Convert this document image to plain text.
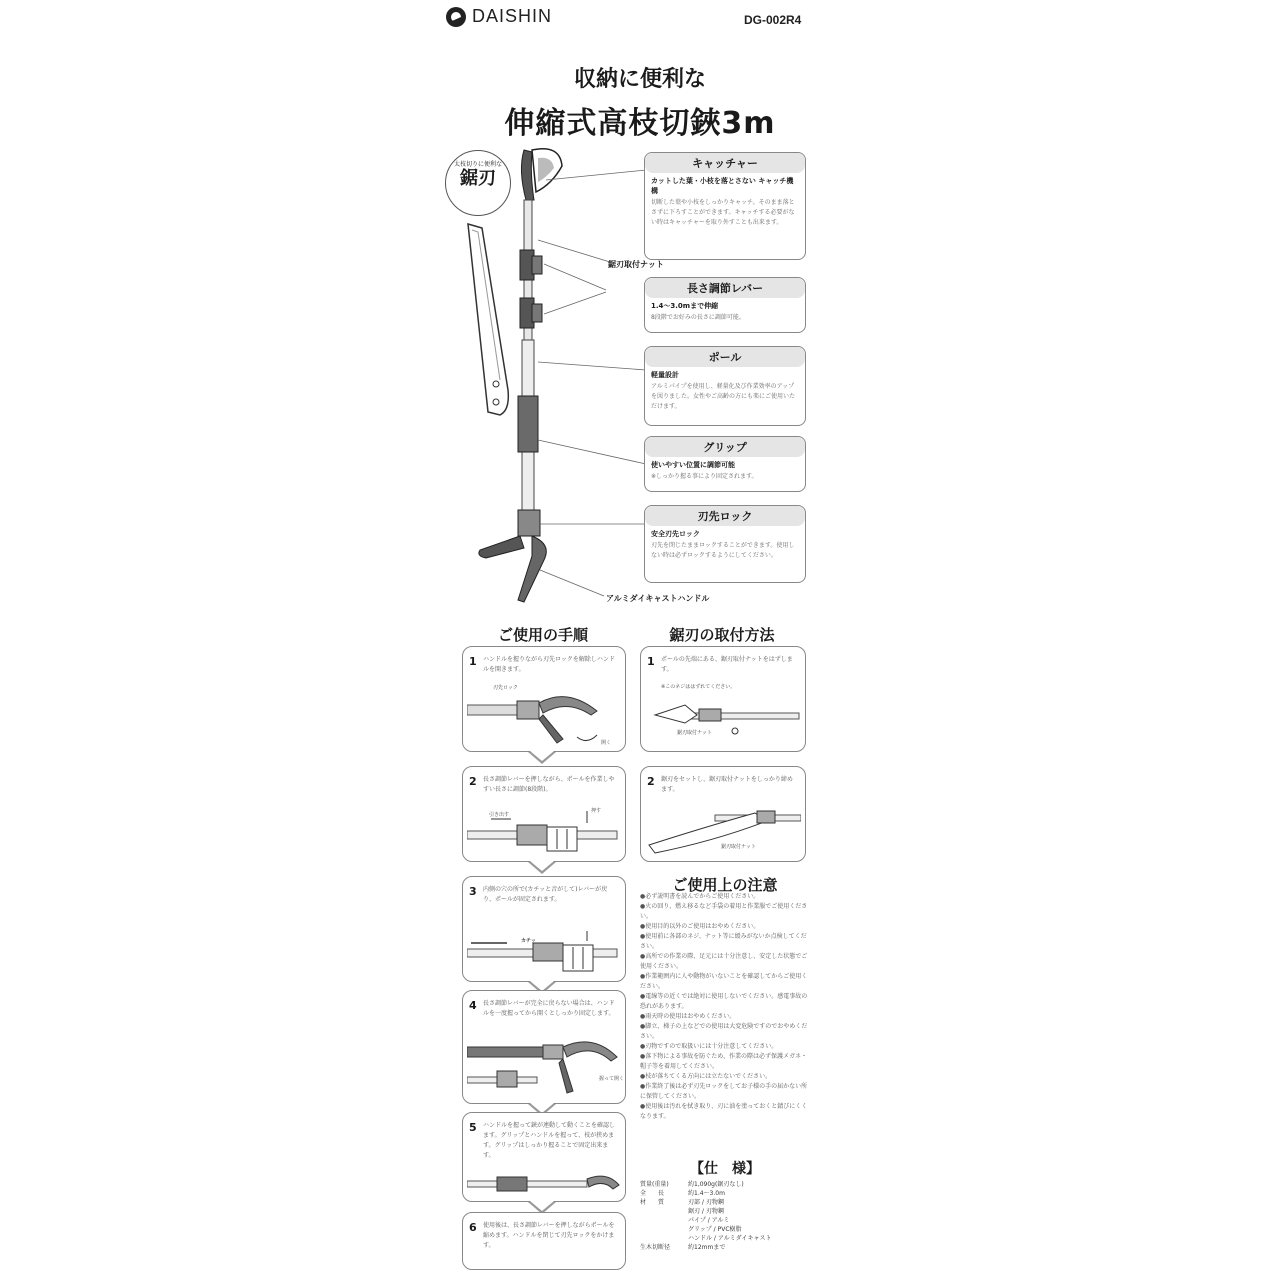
DAISHIN	DG-002R4
収納に便利な
伸縮式高枝切鋏3m
太枝切りに便利な
鋸刃
キャッチャー
カットした葉・小枝を落とさない キャッチ機構
切断した葉や小枝をしっかりキャッチ。そのまま落とさずに下ろすことができます。キャッチする必要がない時はキャッチャーを取り外すことも出来ます。
鋸刃取付ナット
長さ調節レバー
1.4〜3.0mまで伸縮
8段階でお好みの長さに調節可能。
ポール
軽量設計
アルミパイプを使用し、軽量化及び作業効率のアップを図りました。女性やご高齢の方にも楽にご使用いただけます。
グリップ
使いやすい位置に調節可能
※しっかり握る事により固定されます。
刃先ロック
安全刃先ロック
刃先を閉じたままロックすることができます。使用しない時は必ずロックするようにしてください。
アルミダイキャストハンドル
ご使用の手順	鋸刃の取付方法
1 ハンドルを握りながら刃先ロックを解除しハンドルを開きます。
刃先ロック
開く
2 長さ調節レバーを押しながら、ポールを作業しやすい長さに調節(8段階)。
引き出す
押す
3 内側の穴の所で(カチッと音がして)レバーが戻り、ポールが固定されます。
カチッ
4 長さ調節レバーが完全に戻らない場合は、ハンドルを一度握ってから開くとしっかり固定します。
握って開く
5 ハンドルを握って鋏が連動して動くことを確認します。グリップとハンドルを握って、枝が挟めます。グリップはしっかり握ることで固定出来ます。
6 使用後は、長さ調節レバーを押しながらポールを縮めます。ハンドルを閉じて刃先ロックをかけます。
1 ポールの先端にある、鋸刃取付ナットをはずします。
※このネジははずれてください。
鋸刃取付ナット
2 鋸刃をセットし、鋸刃取付ナットをしっかり締めます。
鋸刃取付ナット
ご使用上の注意

●必ず説明書を読んでからご使用ください。

●火の回り、燃え移るなど手袋の着用と作業服でご使用ください。

●使用目的以外のご使用はおやめください。

●使用前に各部のネジ、ナット等に緩みがないか点検してください。

●高所での作業の際、足元には十分注意し、安定した状態でご使用ください。

●作業範囲内に人や動物がいないことを確認してからご使用ください。

●電線等の近くでは絶対に使用しないでください。感電事故の恐れがあります。

●雨天時の使用はおやめください。

●脚立、梯子の上などでの使用は大変危険ですのでおやめください。

●刃物ですので取扱いには十分注意してください。

●落下物による事故を防ぐため、作業の際は必ず保護メガネ・帽子等を着用してください。

●枝が落ちてくる方向には立たないでください。

●作業終了後は必ず刃先ロックをしてお子様の手の届かない所に保管してください。

●使用後は汚れを拭き取り、刃に油を塗っておくと錆びにくくなります。

【仕　様】
質量(重量)	約1,090g(鋸刃なし)
全　　長	約1.4〜3.0m
材　　質	刃部 / 刃物鋼
鋸刃 / 刃物鋼
パイプ / アルミ
グリップ / PVC樹脂
ハンドル / アルミダイキャスト
生木切断径	約12mmまで
